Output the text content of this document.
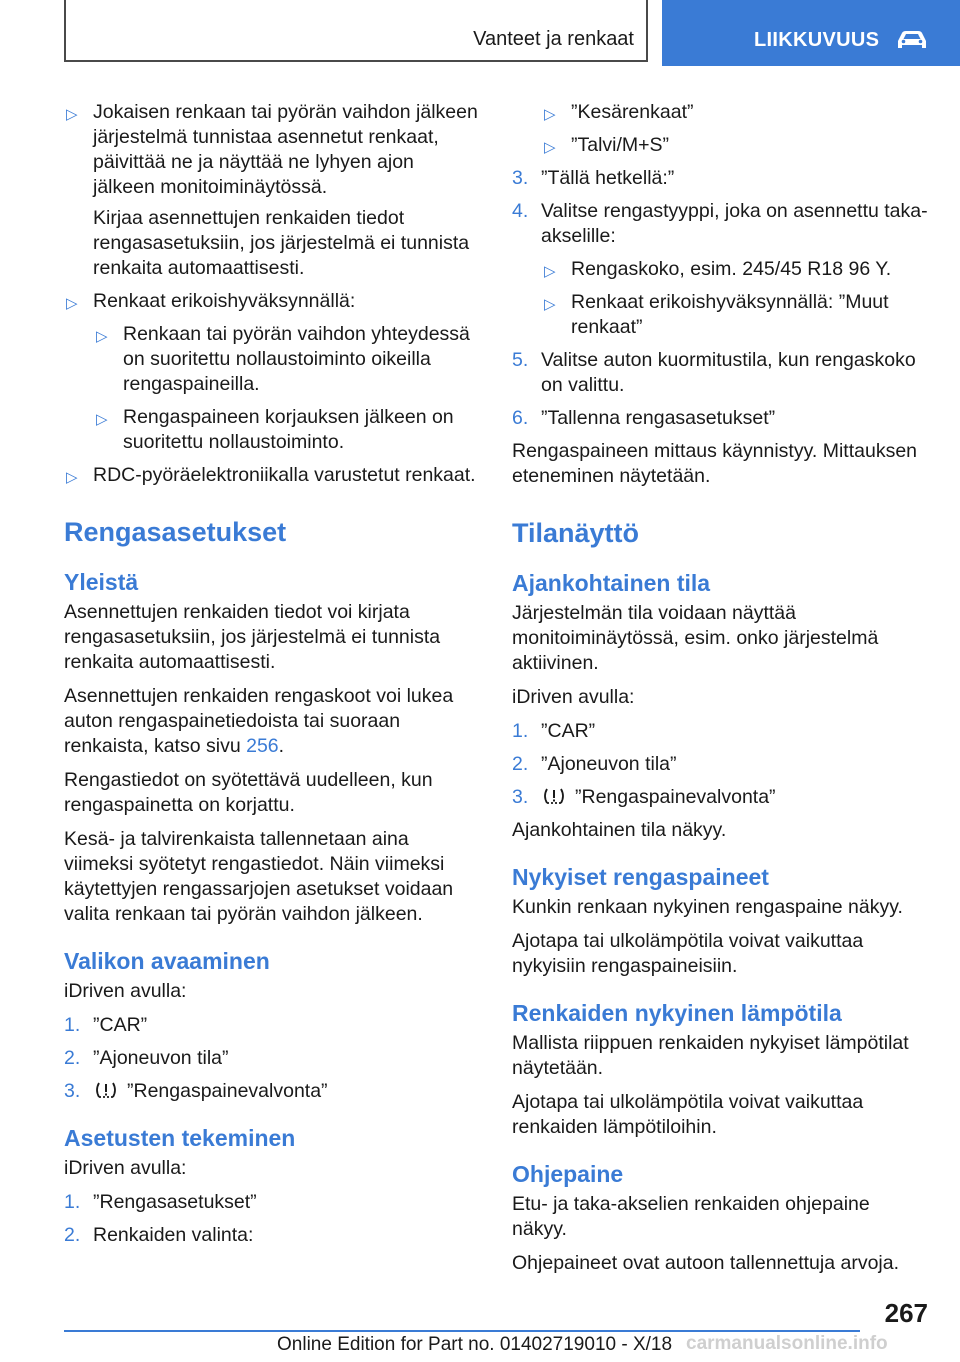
Vanteet ja renkaat	LIIKKUVUUS
▷ Jokaisen renkaan tai pyörän vaihdon jälkeen järjestelmä tunnistaa asennetut renkaat, päivittää ne ja näyttää ne lyhyen ajon jälkeen monitoiminäytössä.
Kirjaa asennettujen renkaiden tiedot rengasasetuksiin, jos järjestelmä ei tunnista renkaita automaattisesti.
▷ Renkaat erikoishyväksynnällä:
▷ Renkaan tai pyörän vaihdon yhteydessä on suoritettu nollaustoiminto oikeilla rengaspaineilla.
▷ Rengaspaineen korjauksen jälkeen on suoritettu nollaustoiminto.
▷ RDC-pyöräelektroniikalla varustetut renkaat.
Rengasasetukset
Yleistä

Asennettujen renkaiden tiedot voi kirjata rengasasetuksiin, jos järjestelmä ei tunnista renkaita automaattisesti.

Asennettujen renkaiden rengaskoot voi lukea auton rengaspainetiedoista tai suoraan renkaista, katso sivu 256.

Rengastiedot on syötettävä uudelleen, kun rengaspainetta on korjattu.

Kesä- ja talvirenkaista tallennetaan aina viimeksi syötetyt rengastiedot. Näin viimeksi käytettyjen rengassarjojen asetukset voidaan valita renkaan tai pyörän vaihdon jälkeen.

Valikon avaaminen

iDriven avulla:

1. ”CAR”
2. ”Ajoneuvon tila”
3. ”Rengaspainevalvonta”
Asetusten tekeminen

iDriven avulla:

1. ”Rengasasetukset”
2. Renkaiden valinta:
▷ ”Kesärenkaat”
▷ ”Talvi/M+S”
3. ”Tällä hetkellä:”
4. Valitse rengastyyppi, joka on asennettu taka-akselille:
▷ Rengaskoko, esim. 245/45 R18 96 Y.
▷ Renkaat erikoishyväksynnällä: ”Muut renkaat”
5. Valitse auton kuormitustila, kun rengaskoko on valittu.
6. ”Tallenna rengasasetukset”

Rengaspaineen mittaus käynnistyy. Mittauksen eteneminen näytetään.

Tilanäyttö
Ajankohtainen tila

Järjestelmän tila voidaan näyttää monitoiminäytössä, esim. onko järjestelmä aktiivinen.

iDriven avulla:

1. ”CAR”
2. ”Ajoneuvon tila”
3. ”Rengaspainevalvonta”

Ajankohtainen tila näkyy.

Nykyiset rengaspaineet

Kunkin renkaan nykyinen rengaspaine näkyy.

Ajotapa tai ulkolämpötila voivat vaikuttaa nykyisiin rengaspaineisiin.

Renkaiden nykyinen lämpötila

Mallista riippuen renkaiden nykyiset lämpötilat näytetään.

Ajotapa tai ulkolämpötila voivat vaikuttaa renkaiden lämpötiloihin.

Ohjepaine

Etu- ja taka-akselien renkaiden ohjepaine näkyy.

Ohjepaineet ovat autoon tallennettuja arvoja.

267
Online Edition for Part no. 01402719010 - X/18 carmanualsonline.info
